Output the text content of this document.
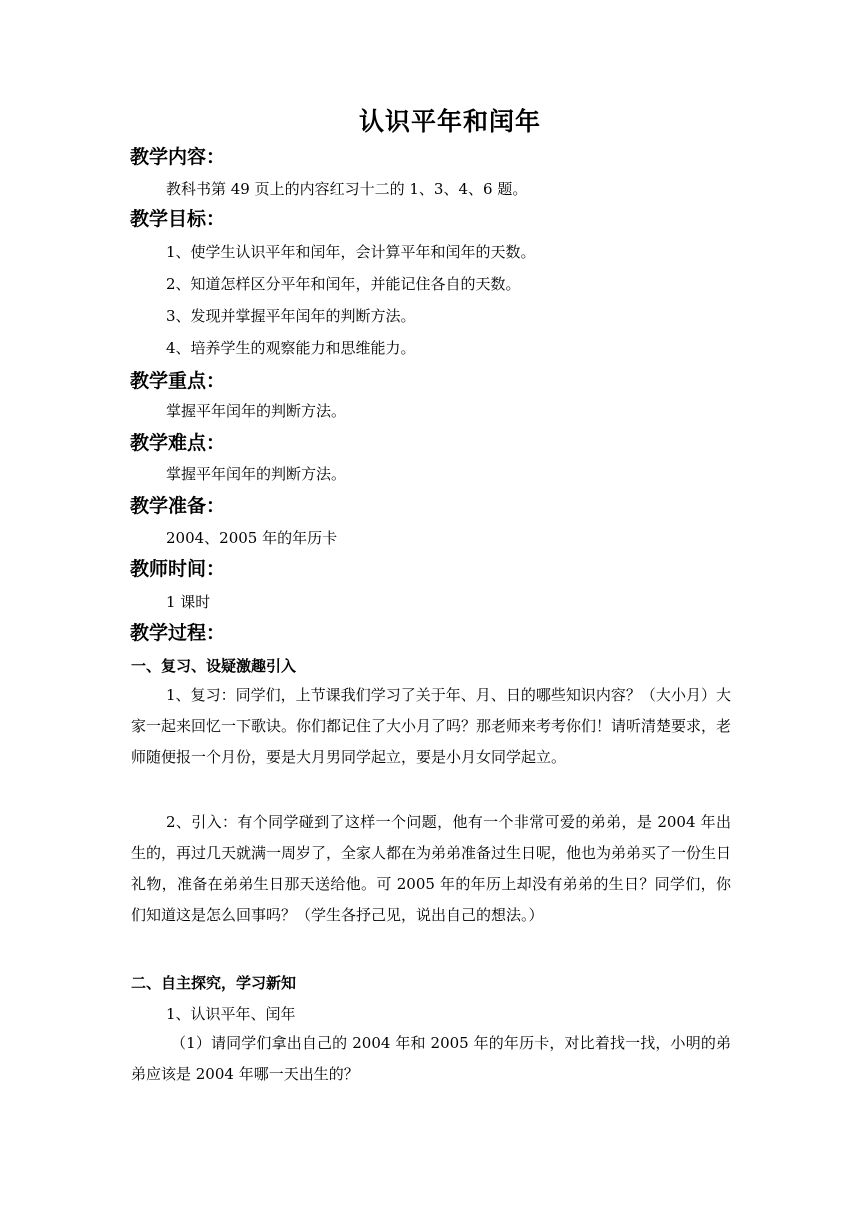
认识平年和闰年
教学内容：
教科书第 49 页上的内容红习十二的 1、3、4、6 题。
教学目标：
1、使学生认识平年和闰年，会计算平年和闰年的天数。
2、知道怎样区分平年和闰年，并能记住各自的天数。
3、发现并掌握平年闰年的判断方法。
4、培养学生的观察能力和思维能力。
教学重点：
掌握平年闰年的判断方法。
教学难点：
掌握平年闰年的判断方法。
教学准备：
2004、2005 年的年历卡
教师时间：
1 课时
教学过程：
一、复习、设疑激趣引入
1、复习：同学们，上节课我们学习了关于年、月、日的哪些知识内容？（大小月）大家一起来回忆一下歌诀。你们都记住了大小月了吗？那老师来考考你们！请听清楚要求，老师随便报一个月份，要是大月男同学起立，要是小月女同学起立。
2、引入：有个同学碰到了这样一个问题，他有一个非常可爱的弟弟，是 2004 年出生的，再过几天就满一周岁了，全家人都在为弟弟准备过生日呢，他也为弟弟买了一份生日礼物，准备在弟弟生日那天送给他。可 2005 年的年历上却没有弟弟的生日？同学们，你们知道这是怎么回事吗？（学生各抒己见，说出自己的想法。）
二、自主探究，学习新知
1、认识平年、闰年
（1）请同学们拿出自己的 2004 年和 2005 年的年历卡，对比着找一找，小明的弟弟应该是 2004 年哪一天出生的？
